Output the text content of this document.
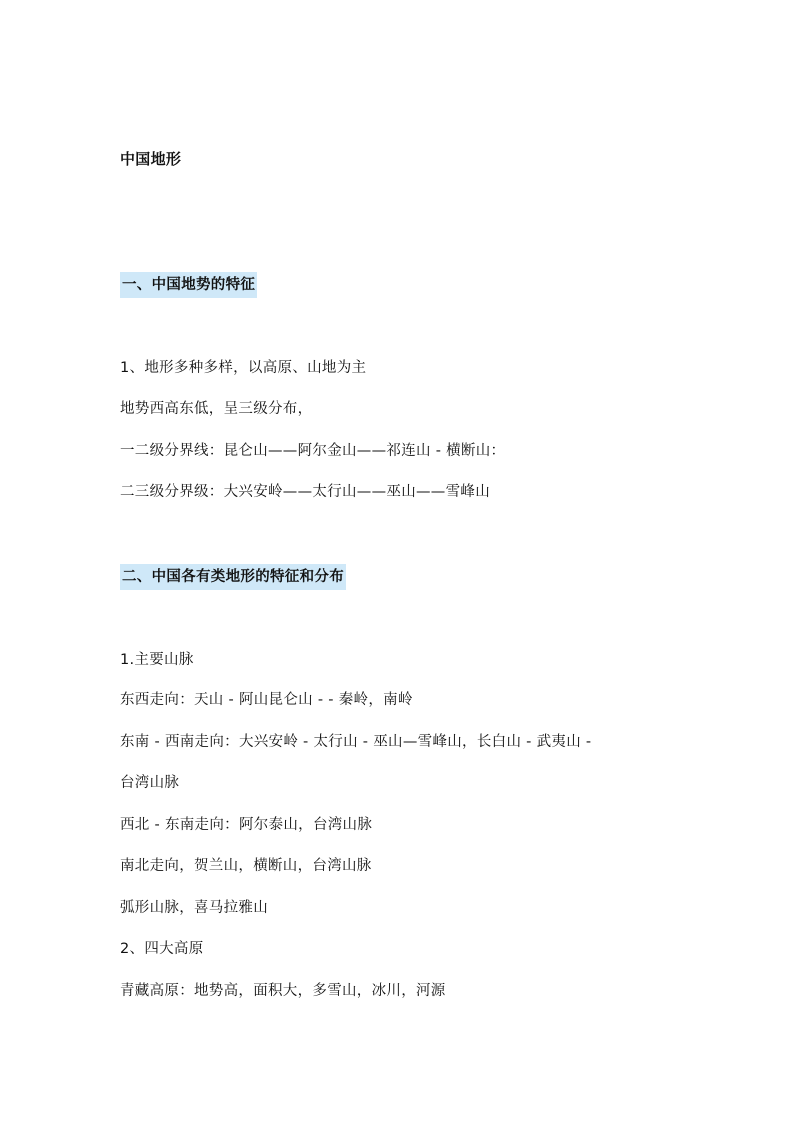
中国地形
一、中国地势的特征
1、地形多种多样，以高原、山地为主
地势西高东低，呈三级分布，
一二级分界线：昆仑山——阿尔金山——祁连山 - 横断山：
二三级分界级：大兴安岭——太行山——巫山——雪峰山
二、中国各有类地形的特征和分布
1.主要山脉
东西走向：天山 - 阿山昆仑山 - - 秦岭，南岭
东南 - 西南走向：大兴安岭 - 太行山 - 巫山—雪峰山，长白山 - 武夷山 -
台湾山脉
西北 - 东南走向：阿尔泰山，台湾山脉
南北走向，贺兰山，横断山，台湾山脉
弧形山脉，喜马拉雅山
2、四大高原
青藏高原：地势高，面积大，多雪山，冰川，河源
